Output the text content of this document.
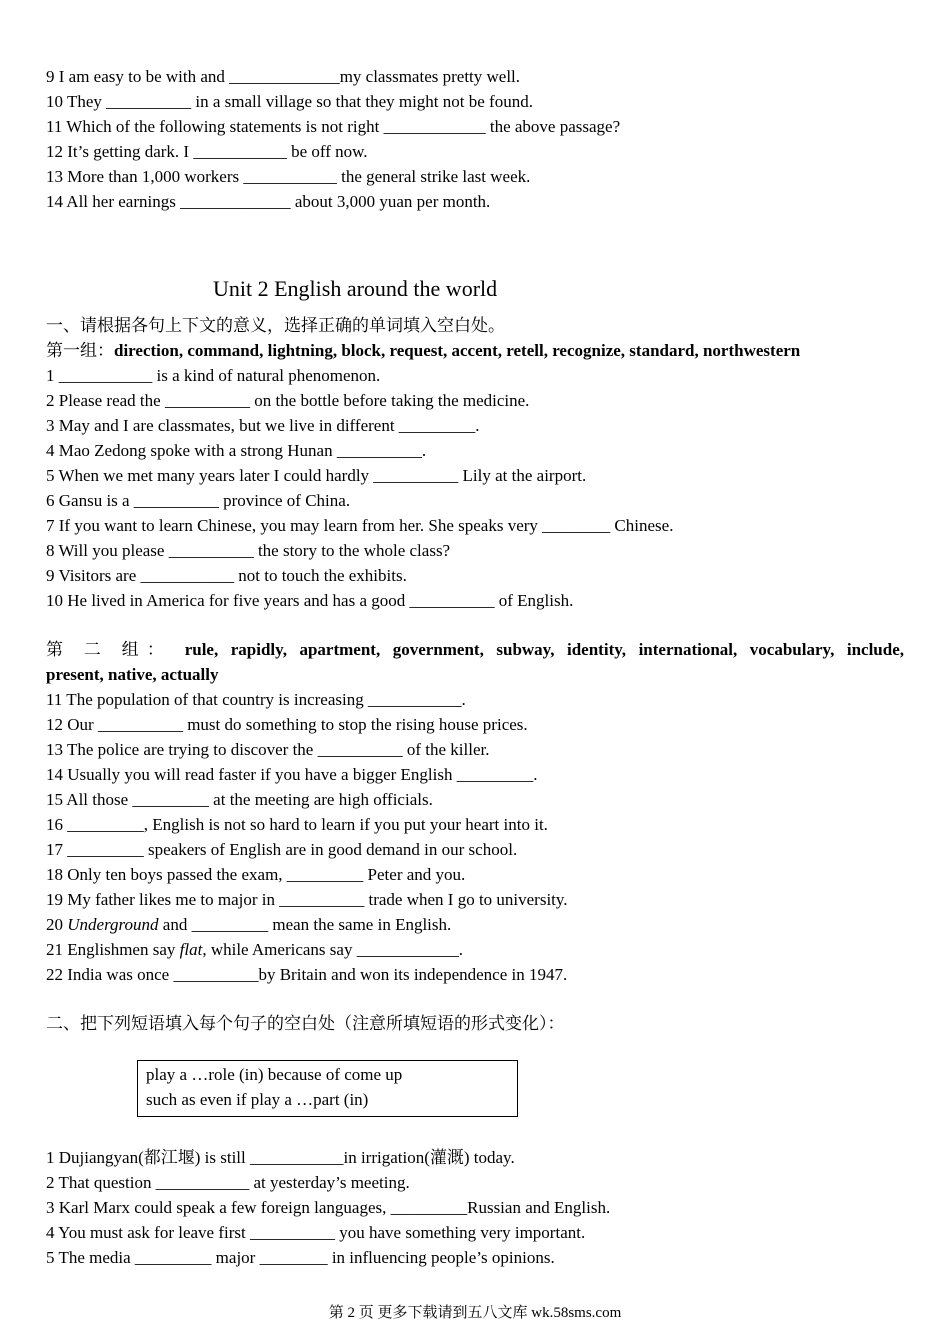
9 I am easy to be with and _____________my classmates pretty well.
10 They __________ in a small village so that they might not be found.
11 Which of the following statements is not right ____________ the above passage?
12 It’s getting dark. I ___________ be off now.
13 More than 1,000 workers ___________ the general strike last week.
14 All her earnings _____________ about 3,000 yuan per month.
Unit 2 English around the world
一、请根据各句上下文的意义，选择正确的单词填入空白处。
第一组：direction, command, lightning, block, request, accent, retell, recognize, standard, northwestern
1 ___________ is a kind of natural phenomenon.
2 Please read the __________ on the bottle before taking the medicine.
3 May and I are classmates, but we live in different _________.
4 Mao Zedong spoke with a strong Hunan __________.
5 When we met many years later I could hardly __________ Lily at the airport.
6 Gansu is a __________ province of China.
7 If you want to learn Chinese, you may learn from her. She speaks very ________ Chinese.
8 Will you please __________ the story to the whole class?
9 Visitors are ___________ not to touch the exhibits.
10 He lived in America for five years and has a good __________ of English.
第 二 组： rule, rapidly, apartment, government, subway, identity, international, vocabulary, include,
present, native, actually
11 The population of that country is increasing ___________.
12 Our __________ must do something to stop the rising house prices.
13 The police are trying to discover the __________ of the killer.
14 Usually you will read faster if you have a bigger English _________.
15 All those _________ at the meeting are high officials.
16 _________, English is not so hard to learn if you put your heart into it.
17 _________ speakers of English are in good demand in our school.
18 Only ten boys passed the exam, _________ Peter and you.
19 My father likes me to major in __________ trade when I go to university.
20 Underground and _________ mean the same in English.
21 Englishmen say flat, while Americans say ____________.
22 India was once __________by Britain and won its independence in 1947.
二、把下列短语填入每个句子的空白处（注意所填短语的形式变化）：
play a …role (in) because of come up
such as even if play a …part (in)
1 Dujiangyan(都江堰) is still ___________in irrigation(灌溉) today.
2 That question ___________ at yesterday’s meeting.
3 Karl Marx could speak a few foreign languages, _________Russian and English.
4 You must ask for leave first __________ you have something very important.
5 The media _________ major ________ in influencing people’s opinions.
第 2 页 更多下载请到五八文库 wk.58sms.com
